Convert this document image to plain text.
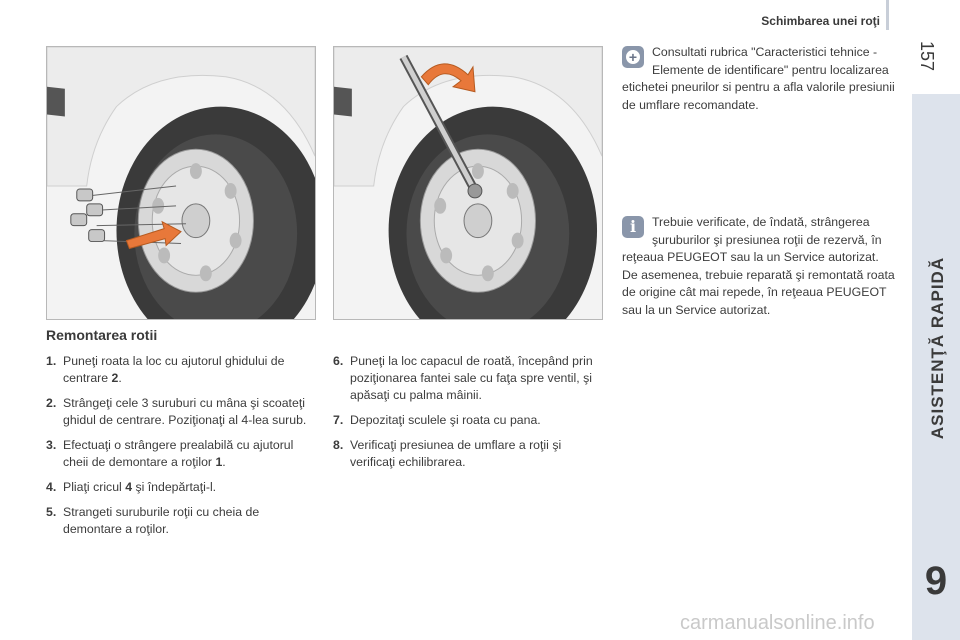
Schimbarea unei roţi
157
ASISTENŢĂ RAPIDĂ
9
Remontarea rotii
1. Puneţi roata la loc cu ajutorul ghidului de centrare 2.
2. Strângeţi cele 3 suruburi cu mâna şi scoateţi ghidul de centrare. Poziţionaţi al 4-lea surub.
3. Efectuaţi o strângere prealabilă cu ajutorul cheii de demontare a roţilor 1.
4. Pliaţi cricul 4 şi îndepărtaţi-l.
5. Strangeti suruburile roţii cu cheia de demontare a roţilor.
6. Puneţi la loc capacul de roată, începând prin poziţionarea fantei sale cu faţa spre ventil, şi apăsaţi cu palma mâinii.
7. Depozitaţi sculele şi roata cu pana.
8. Verificaţi presiunea de umflare a roţii şi verificaţi echilibrarea.
+
Consultati rubrica "Caracteristici tehnice - Elemente de identificare" pentru localizarea etichetei pneurilor si pentru a afla valorile presiunii de umflare recomandate.
i
Trebuie verificate, de îndată, strângerea şuruburilor şi presiunea roţii de rezervă, în reţeaua PEUGEOT sau la un Service autorizat.
De asemenea, trebuie reparată şi remontată roata de origine cât mai repede, în reţeaua PEUGEOT sau la un Service autorizat.
carmanualsonline.info
